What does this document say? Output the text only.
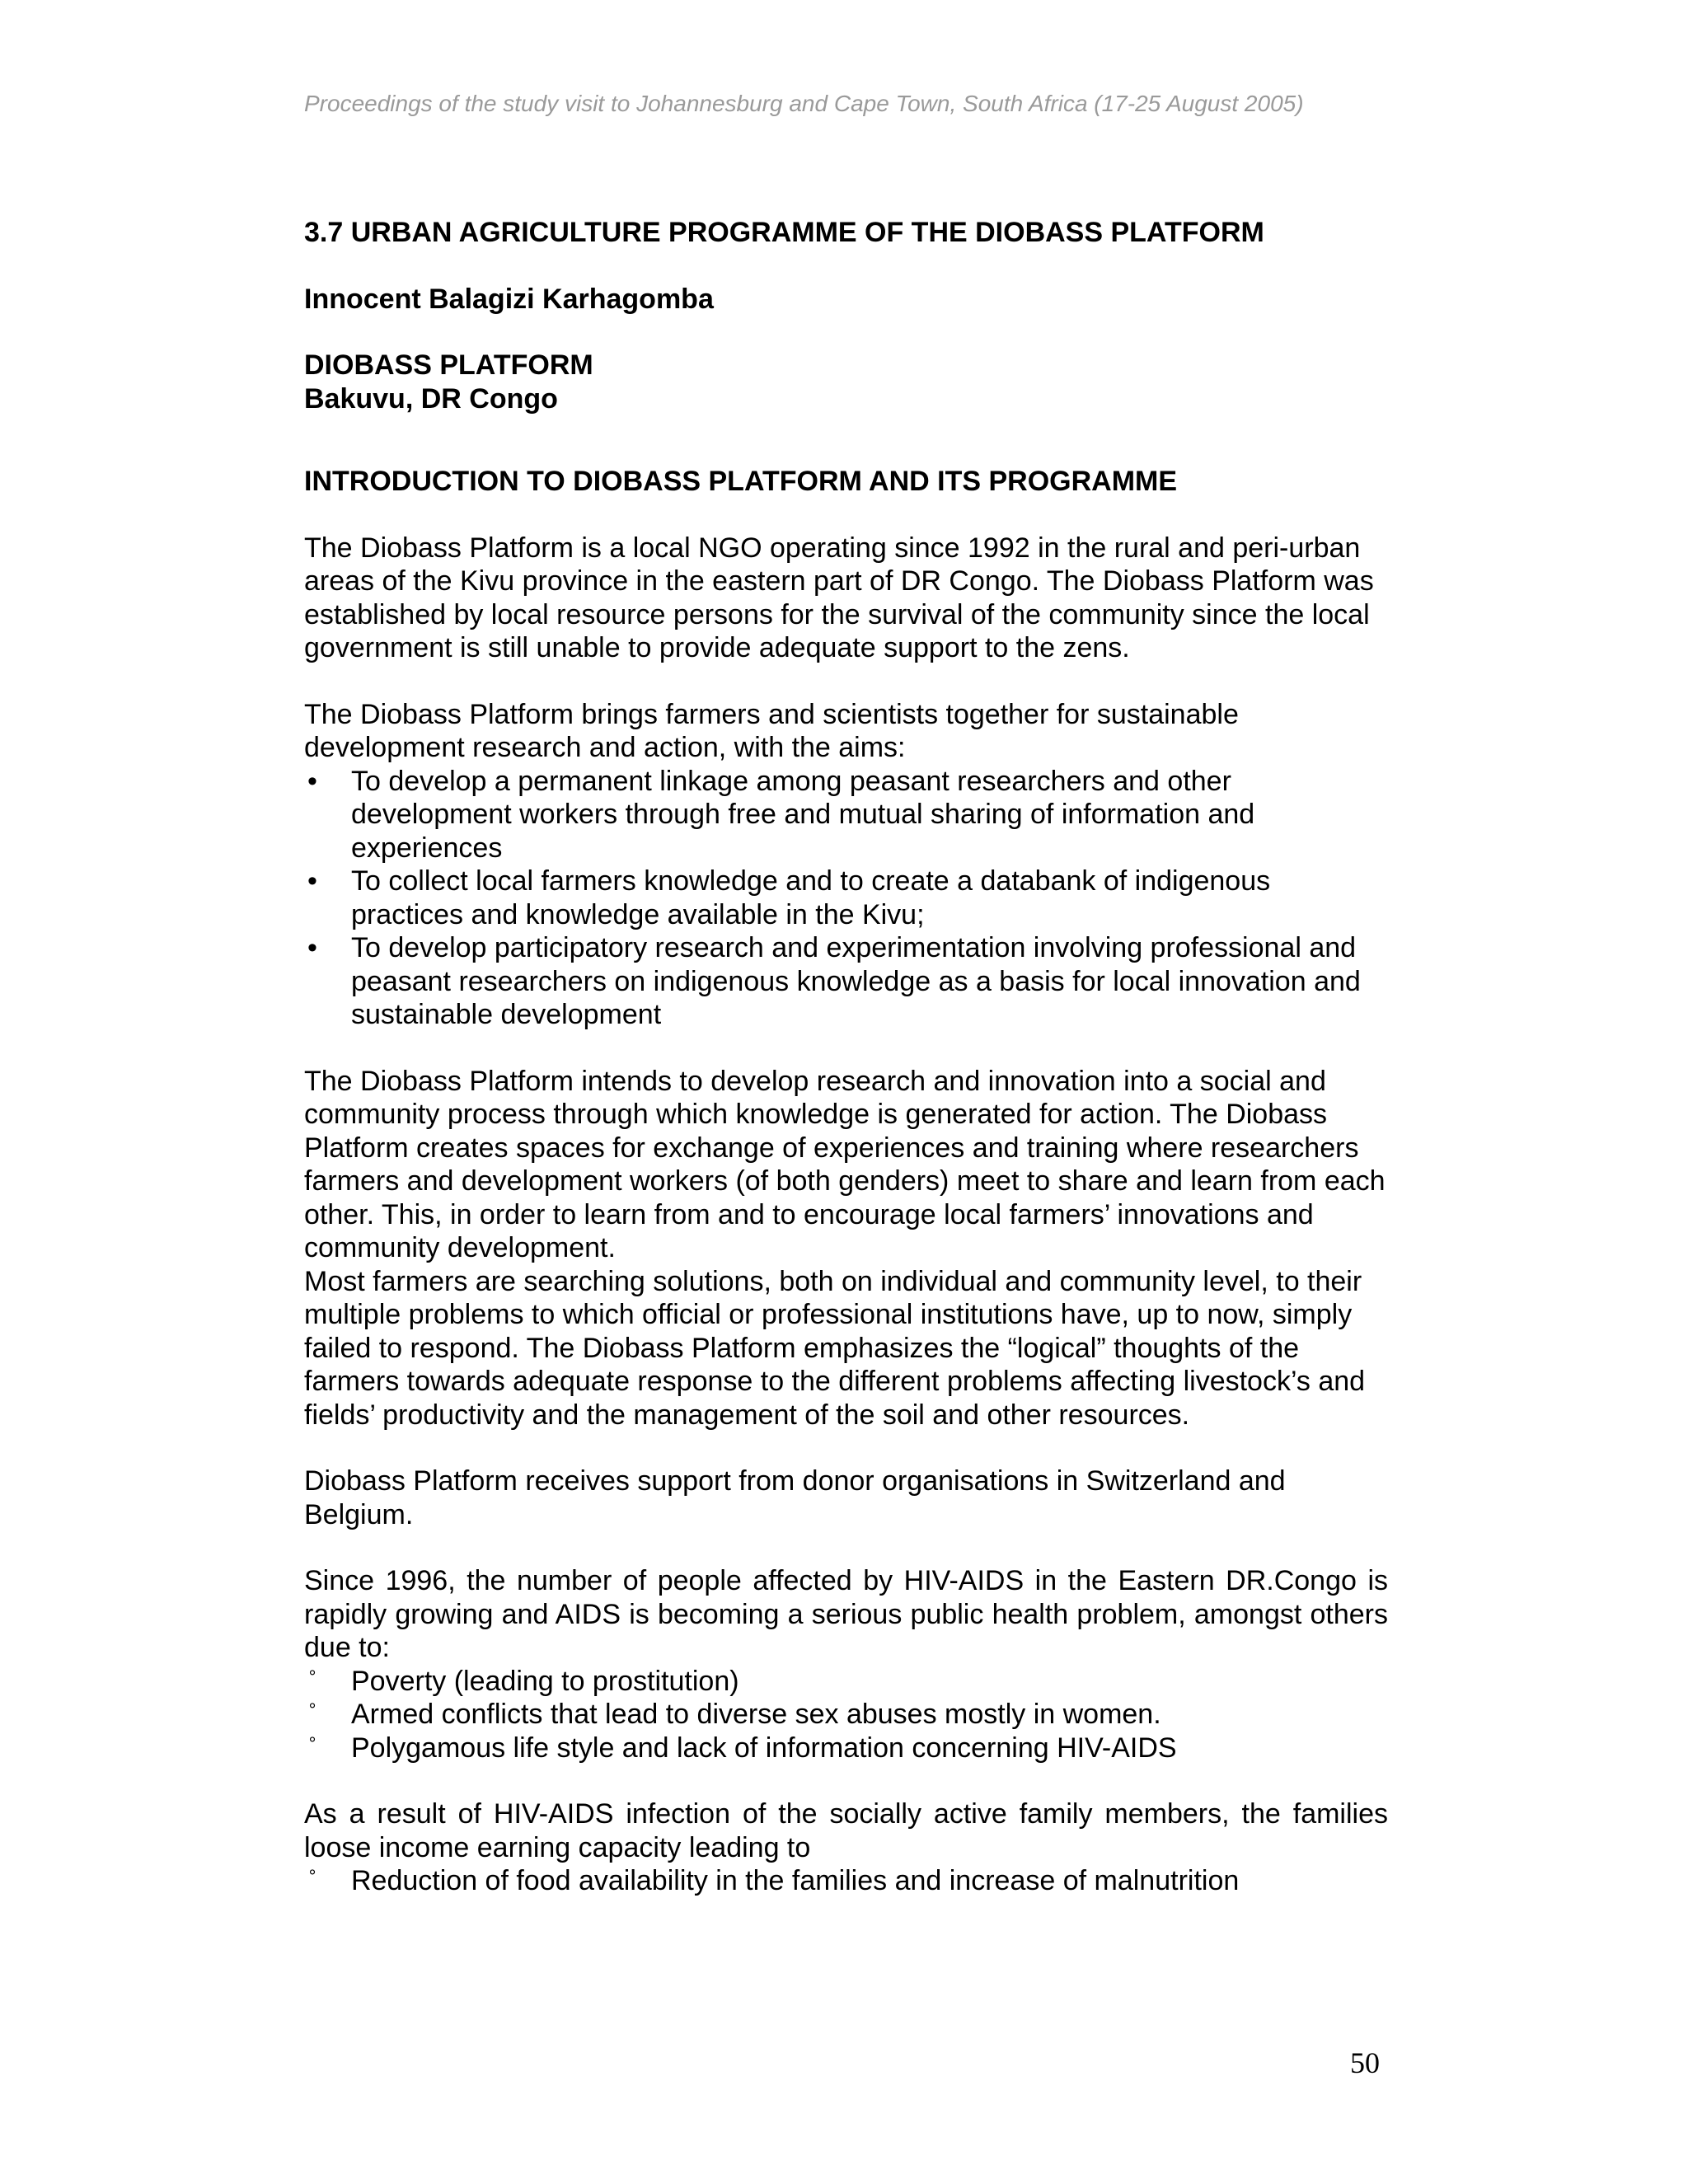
Proceedings of the study visit to Johannesburg and Cape Town, South Africa (17-25 August 2005)
3.7 URBAN AGRICULTURE PROGRAMME OF THE DIOBASS PLATFORM

Innocent Balagizi Karhagomba

DIOBASS PLATFORM

Bakuvu, DR Congo

INTRODUCTION TO DIOBASS PLATFORM AND ITS PROGRAMME

The Diobass Platform is a local NGO operating since 1992 in the rural and peri-urban areas of the Kivu province in the eastern part of DR Congo. The Diobass Platform was established by local resource persons for the survival of the community since the local government is still unable to provide adequate support to the zens.

The Diobass Platform brings farmers and scientists together for sustainable development research and action, with the aims:

• To develop a permanent linkage among peasant researchers and other development workers through free and mutual sharing of information and experiences
• To collect local farmers knowledge and to create a databank of indigenous practices and knowledge available in the Kivu;
• To develop participatory research and experimentation involving professional and peasant researchers on indigenous knowledge as a basis for local innovation and sustainable development

The Diobass Platform intends to develop research and innovation into a social and community process through which knowledge is generated for action. The Diobass Platform creates spaces for exchange of experiences and training where researchers farmers and development workers (of both genders) meet to share and learn from each other. This, in order to learn from and to encourage local farmers’ innovations and community development.

Most farmers are searching solutions, both on individual and community level, to their multiple problems to which official or professional institutions have, up to now, simply failed to respond. The Diobass Platform emphasizes the “logical” thoughts of the farmers towards adequate response to the different problems affecting livestock’s and fields’ productivity and the management of the soil and other resources.

Diobass Platform receives support from donor organisations in Switzerland and Belgium.

Since 1996, the number of people affected by HIV-AIDS in the Eastern DR.Congo is rapidly growing and AIDS is becoming a serious public health problem, amongst others due to:

° Poverty (leading to prostitution)
° Armed conflicts that lead to diverse sex abuses mostly in women.
° Polygamous life style and lack of information concerning HIV-AIDS

As a result of HIV-AIDS infection of the socially active family members, the families loose income earning capacity leading to

° Reduction of food availability in the families and increase of malnutrition
50
